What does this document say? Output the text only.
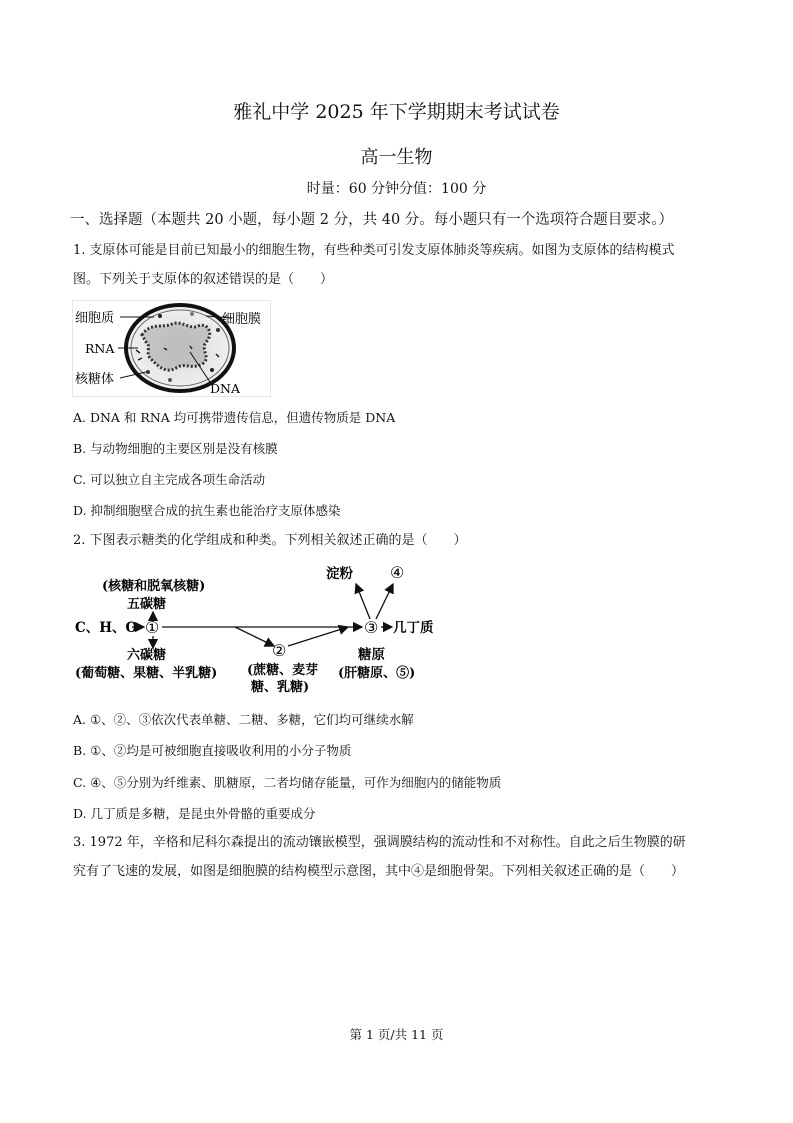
雅礼中学 2025 年下学期期末考试试卷
高一生物
时量：60 分钟分值：100 分
一、选择题（本题共 20 小题，每小题 2 分，共 40 分。每小题只有一个选项符合题目要求。）
1. 支原体可能是目前已知最小的细胞生物，有些种类可引发支原体肺炎等疾病。如图为支原体的结构模式
图。下列关于支原体的叙述错误的是（　　）
细胞质
RNA
核糖体
细胞膜
DNA
A. DNA 和 RNA 均可携带遗传信息，但遗传物质是 DNA
B. 与动物细胞的主要区别是没有核膜
C. 可以独立自主完成各项生命活动
D. 抑制细胞壁合成的抗生素也能治疗支原体感染
2. 下图表示糖类的化学组成和种类。下列相关叙述正确的是（　　）
(核糖和脱氧核糖)
五碳糖
C、H、O ①
六碳糖
(葡萄糖、果糖、半乳糖)
②
(蔗糖、麦芽
糖、乳糖)
③ 几丁质
淀粉 ④
糖原
(肝糖原、⑤)
A. ①、②、③依次代表单糖、二糖、多糖，它们均可继续水解
B. ①、②均是可被细胞直接吸收利用的小分子物质
C. ④、⑤分别为纤维素、肌糖原，二者均储存能量，可作为细胞内的储能物质
D. 几丁质是多糖，是昆虫外骨骼的重要成分
3. 1972 年，辛格和尼科尔森提出的流动镶嵌模型，强调膜结构的流动性和不对称性。自此之后生物膜的研
究有了飞速的发展，如图是细胞膜的结构模型示意图，其中④是细胞骨架。下列相关叙述正确的是（　　）
第 1 页/共 11 页
